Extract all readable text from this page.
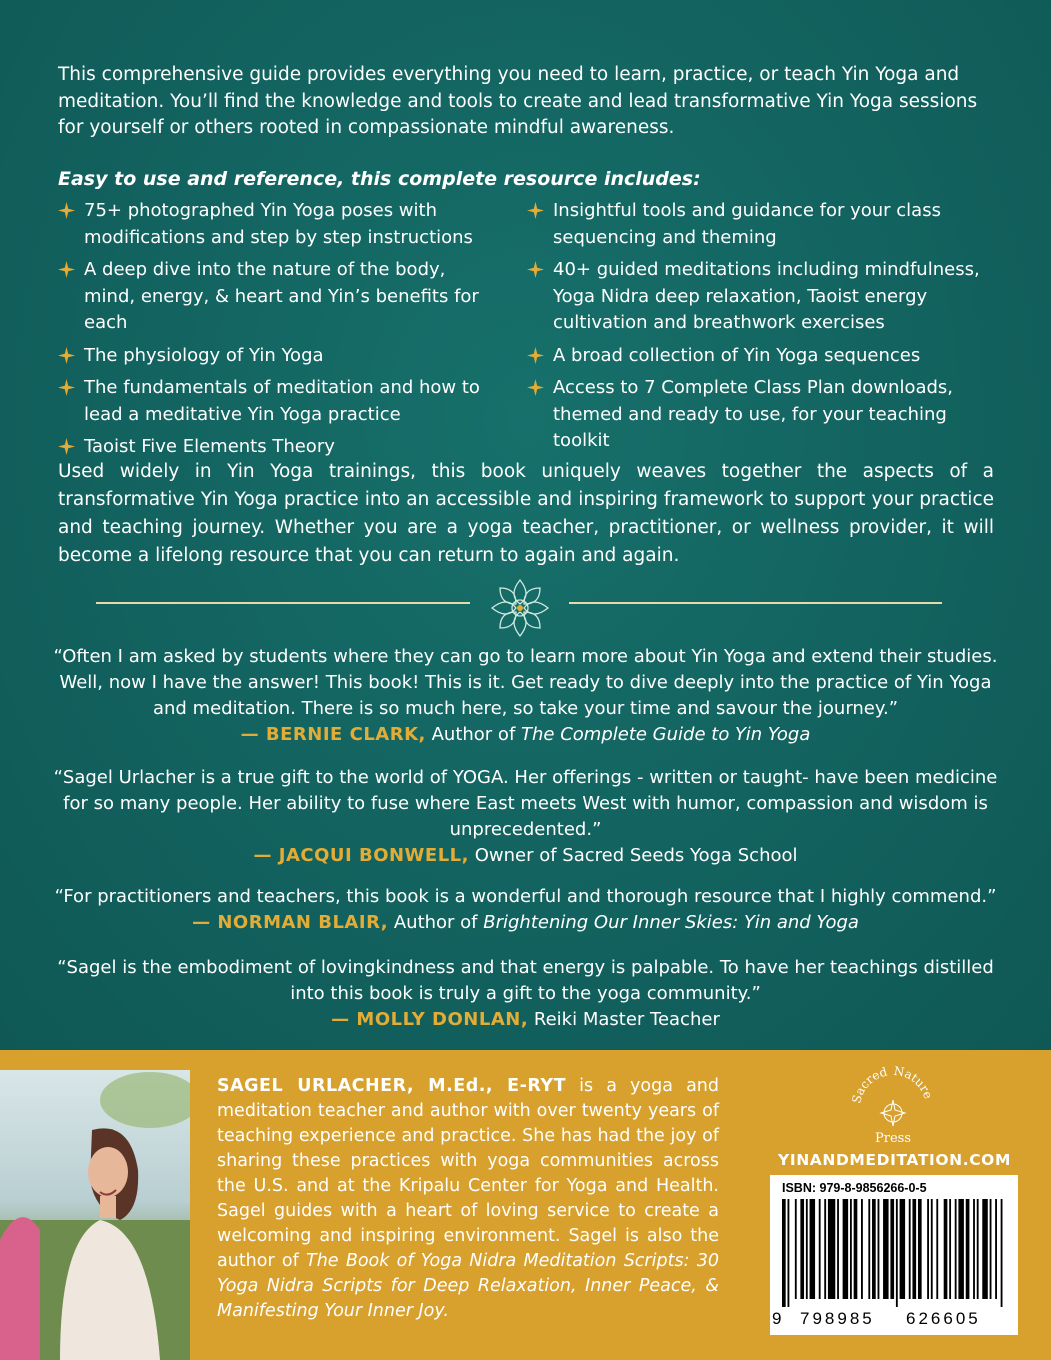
This comprehensive guide provides everything you need to learn, practice, or teach Yin Yoga and meditation. You’ll find the knowledge and tools to create and lead transformative Yin Yoga sessions for yourself or others rooted in compassionate mindful awareness.

Easy to use and reference, this complete resource includes:
75+ photographed Yin Yoga poses with modifications and step by step instructions
A deep dive into the nature of the body, mind, energy, & heart and Yin’s benefits for each
The physiology of Yin Yoga
The fundamentals of meditation and how to lead a meditative Yin Yoga practice
Taoist Five Elements Theory
Insightful tools and guidance for your class sequencing and theming
40+ guided meditations including mindfulness, Yoga Nidra deep relaxation, Taoist energy cultivation and breathwork exercises
A broad collection of Yin Yoga sequences
Access to 7 Complete Class Plan downloads, themed and ready to use, for your teaching toolkit

Used widely in Yin Yoga trainings, this book uniquely weaves together the aspects of a transformative Yin Yoga practice into an accessible and inspiring framework to support your practice and teaching journey. Whether you are a yoga teacher, practitioner, or wellness provider, it will become a lifelong resource that you can return to again and again.

“Often I am asked by students where they can go to learn more about Yin Yoga and extend their studies. Well, now I have the answer! This book! This is it. Get ready to dive deeply into the practice of Yin Yoga and meditation. There is so much here, so take your time and savour the journey.”
— BERNIE CLARK, Author of The Complete Guide to Yin Yoga
“Sagel Urlacher is a true gift to the world of YOGA. Her offerings - written or taught- have been medicine for so many people. Her ability to fuse where East meets West with humor, compassion and wisdom is unprecedented.”
— JACQUI BONWELL, Owner of Sacred Seeds Yoga School
“For practitioners and teachers, this book is a wonderful and thorough resource that I highly commend.”
— NORMAN BLAIR, Author of Brightening Our Inner Skies: Yin and Yoga
“Sagel is the embodiment of lovingkindness and that energy is palpable. To have her teachings distilled into this book is truly a gift to the yoga community.”
— MOLLY DONLAN, Reiki Master Teacher

SAGEL URLACHER, M.Ed., E-RYT is a yoga and meditation teacher and author with over twenty years of teaching experience and practice. She has had the joy of sharing these practices with yoga communities across the U.S. and at the Kripalu Center for Yoga and Health. Sagel guides with a heart of loving service to create a welcoming and inspiring environment. Sagel is also the author of The Book of Yoga Nidra Meditation Scripts: 30 Yoga Nidra Scripts for Deep Relaxation, Inner Peace, & Manifesting Your Inner Joy.

Sacred Nature
Press
YINANDMEDITATION.COM
ISBN: 979-8-9856266-0-5
9 798985 626605
